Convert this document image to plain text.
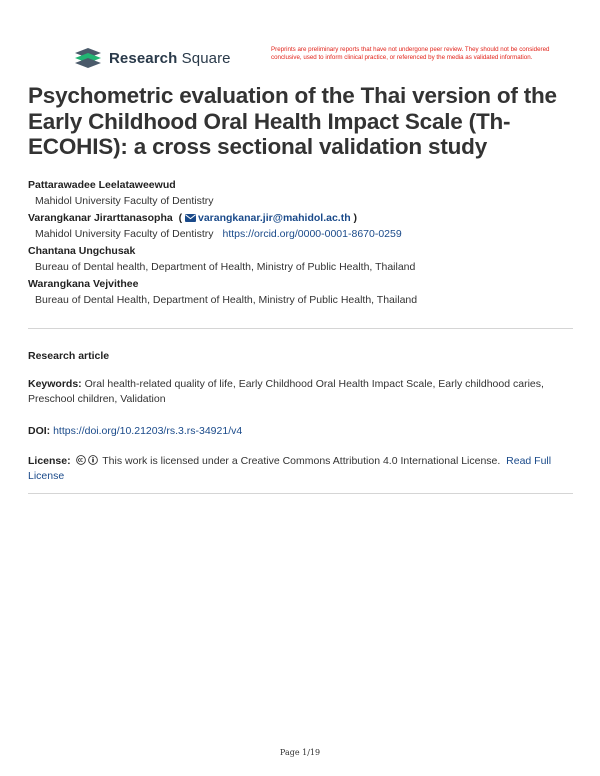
Research Square	Preprints are preliminary reports that have not undergone peer review. They should not be considered conclusive, used to inform clinical practice, or referenced by the media as validated information.
Psychometric evaluation of the Thai version of the Early Childhood Oral Health Impact Scale (Th-ECOHIS): a cross sectional validation study
Pattarawadee Leelataweewud
Mahidol University Faculty of Dentistry
Varangkanar Jirarttanasopha  ( varangkanar.jir@mahidol.ac.th )
Mahidol University Faculty of Dentistry https://orcid.org/0000-0001-8670-0259
Chantana Ungchusak
Bureau of Dental health, Department of Health, Ministry of Public Health, Thailand
Warangkana Vejvithee
Bureau of Dental Health, Department of Health, Ministry of Public Health, Thailand
Research article
Keywords: Oral health-related quality of life, Early Childhood Oral Health Impact Scale, Early childhood caries, Preschool children, Validation
DOI: https://doi.org/10.21203/rs.3.rs-34921/v4
License:	This work is licensed under a Creative Commons Attribution 4.0 International License. Read Full License
Page 1/19
